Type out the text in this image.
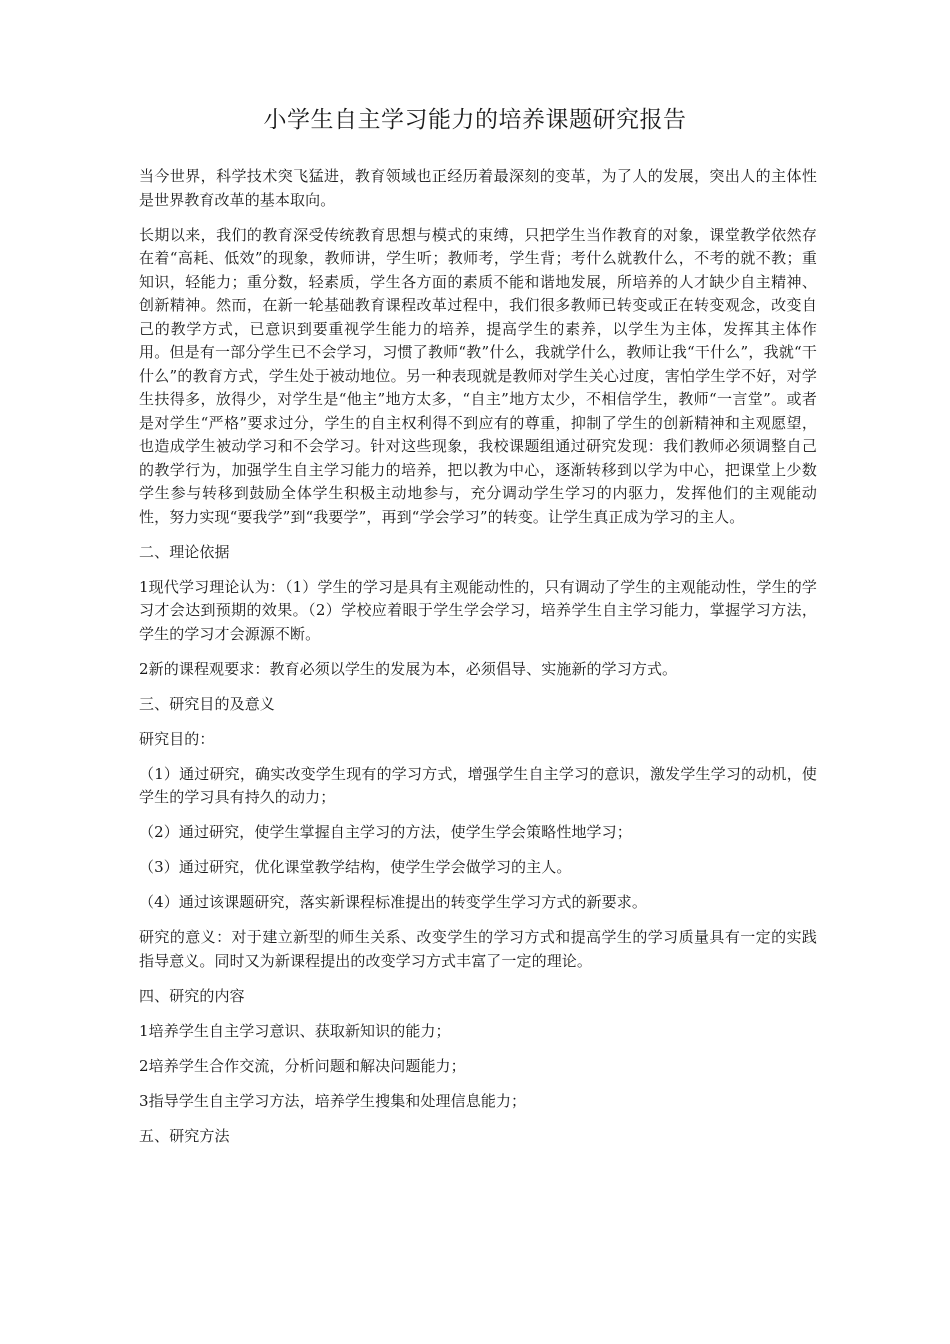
小学生自主学习能力的培养课题研究报告

当今世界，科学技术突飞猛进，教育领域也正经历着最深刻的变革，为了人的发展，突出人的主体性是世界教育改革的基本取向。

长期以来，我们的教育深受传统教育思想与模式的束缚，只把学生当作教育的对象，课堂教学依然存在着“高耗、低效”的现象，教师讲，学生听；教师考，学生背；考什么就教什么，不考的就不教；重知识，轻能力；重分数，轻素质，学生各方面的素质不能和谐地发展，所培养的人才缺少自主精神、创新精神。然而，在新一轮基础教育课程改革过程中，我们很多教师已转变或正在转变观念，改变自己的教学方式，已意识到要重视学生能力的培养，提高学生的素养，以学生为主体，发挥其主体作用。但是有一部分学生已不会学习，习惯了教师“教”什么，我就学什么，教师让我“干什么”，我就“干什么”的教育方式，学生处于被动地位。另一种表现就是教师对学生关心过度，害怕学生学不好，对学生扶得多，放得少，对学生是“他主”地方太多，“自主”地方太少，不相信学生，教师“一言堂”。或者是对学生“严格”要求过分，学生的自主权利得不到应有的尊重，抑制了学生的创新精神和主观愿望，也造成学生被动学习和不会学习。针对这些现象，我校课题组通过研究发现：我们教师必须调整自己的教学行为，加强学生自主学习能力的培养，把以教为中心，逐渐转移到以学为中心，把课堂上少数学生参与转移到鼓励全体学生积极主动地参与，充分调动学生学习的内驱力，发挥他们的主观能动性，努力实现“要我学”到“我要学”，再到“学会学习”的转变。让学生真正成为学习的主人。

二、理论依据

1现代学习理论认为：（1）学生的学习是具有主观能动性的，只有调动了学生的主观能动性，学生的学习才会达到预期的效果。（2）学校应着眼于学生学会学习，培养学生自主学习能力，掌握学习方法，学生的学习才会源源不断。

2新的课程观要求：教育必须以学生的发展为本，必须倡导、实施新的学习方式。

三、研究目的及意义

研究目的：

（1）通过研究，确实改变学生现有的学习方式，增强学生自主学习的意识，激发学生学习的动机，使学生的学习具有持久的动力；

（2）通过研究，使学生掌握自主学习的方法，使学生学会策略性地学习；

（3）通过研究，优化课堂教学结构，使学生学会做学习的主人。

（4）通过该课题研究，落实新课程标准提出的转变学生学习方式的新要求。

研究的意义：对于建立新型的师生关系、改变学生的学习方式和提高学生的学习质量具有一定的实践指导意义。同时又为新课程提出的改变学习方式丰富了一定的理论。

四、研究的内容

1培养学生自主学习意识、获取新知识的能力；

2培养学生合作交流，分析问题和解决问题能力；

3指导学生自主学习方法，培养学生搜集和处理信息能力；

五、研究方法
